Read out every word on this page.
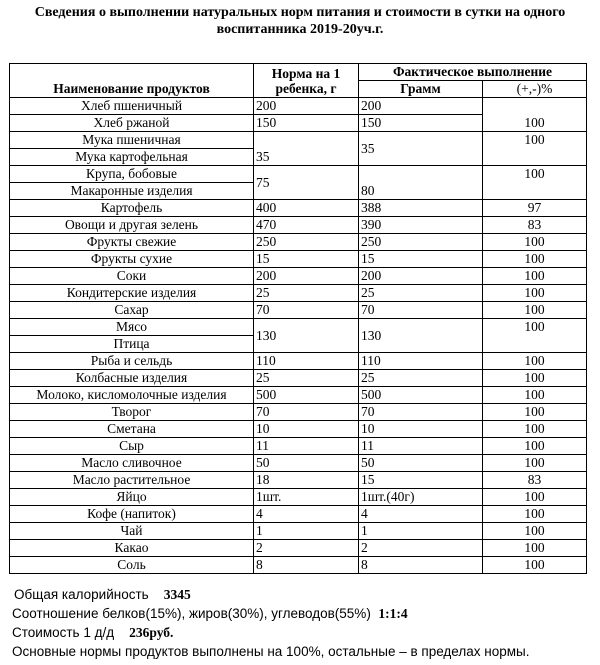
Сведения о выполнении натуральных норм питания и стоимости в сутки на одного
воспитанника 2019-20уч.г.
Наименование продуктов	Норма на 1 ребенка, г	Фактическое выполнение	
		Грамм	(+,-)%
Хлеб пшеничный	200	200	100
Хлеб ржаной	150	150	
Мука пшеничная	35	35	100
Мука картофельная			
Крупа, бобовые	75	80	100
Макаронные изделия			
Картофель	400	388	97
Овощи и другая зелень	470	390	83
Фрукты свежие	250	250	100
Фрукты сухие	15	15	100
Соки	200	200	100
Кондитерские изделия	25	25	100
Сахар	70	70	100
Мясо	130	130	100
Птица			
Рыба и сельдь	110	110	100
Колбасные изделия	25	25	100
Молоко, кисломолочные изделия	500	500	100
Творог	70	70	100
Сметана	10	10	100
Сыр	11	11	100
Масло сливочное	50	50	100
Масло растительное	18	15	83
Яйцо	1шт.	1шт.(40г)	100
Кофе (напиток)	4	4	100
Чай	1	1	100
Какао	2	2	100
Соль	8	8	100
Общая калорийность 3345
Соотношение белков(15%), жиров(30%), углеводов(55%) 1:1:4
Стоимость 1 д/д 236руб.
Основные нормы продуктов выполнены на 100%, остальные – в пределах нормы.
